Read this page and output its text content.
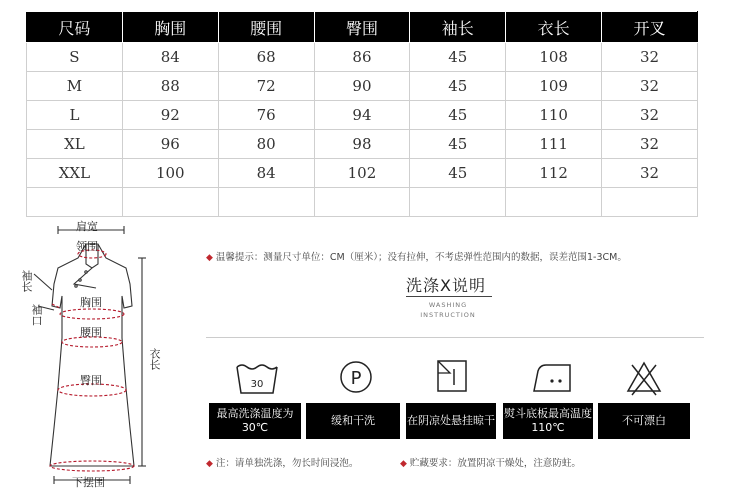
尺码	胸围	腰围	臀围	袖长	衣长	开叉
S	84	68	86	45	108	32
M	88	72	90	45	109	32
L	92	76	94	45	110	32
XL	96	80	98	45	111	32
XXL	100	84	102	45	112	32

肩宽
领围
袖长
袖口
胸围
腰围
臀围
衣长
下摆围
◆ 温馨提示：测量尺寸单位：CM（厘米）；没有拉伸，不考虑弹性范围内的数据，误差范围1-3CM。
洗涤X说明
WASHING INSTRUCTION
30	P
最高洗涤温度为30℃
缓和干洗	在阴凉处悬挂晾干
熨斗底板最高温度110℃
不可漂白
◆ 注：请单独洗涤，勿长时间浸泡。	◆ 贮藏要求：放置阴凉干燥处，注意防蛀。
